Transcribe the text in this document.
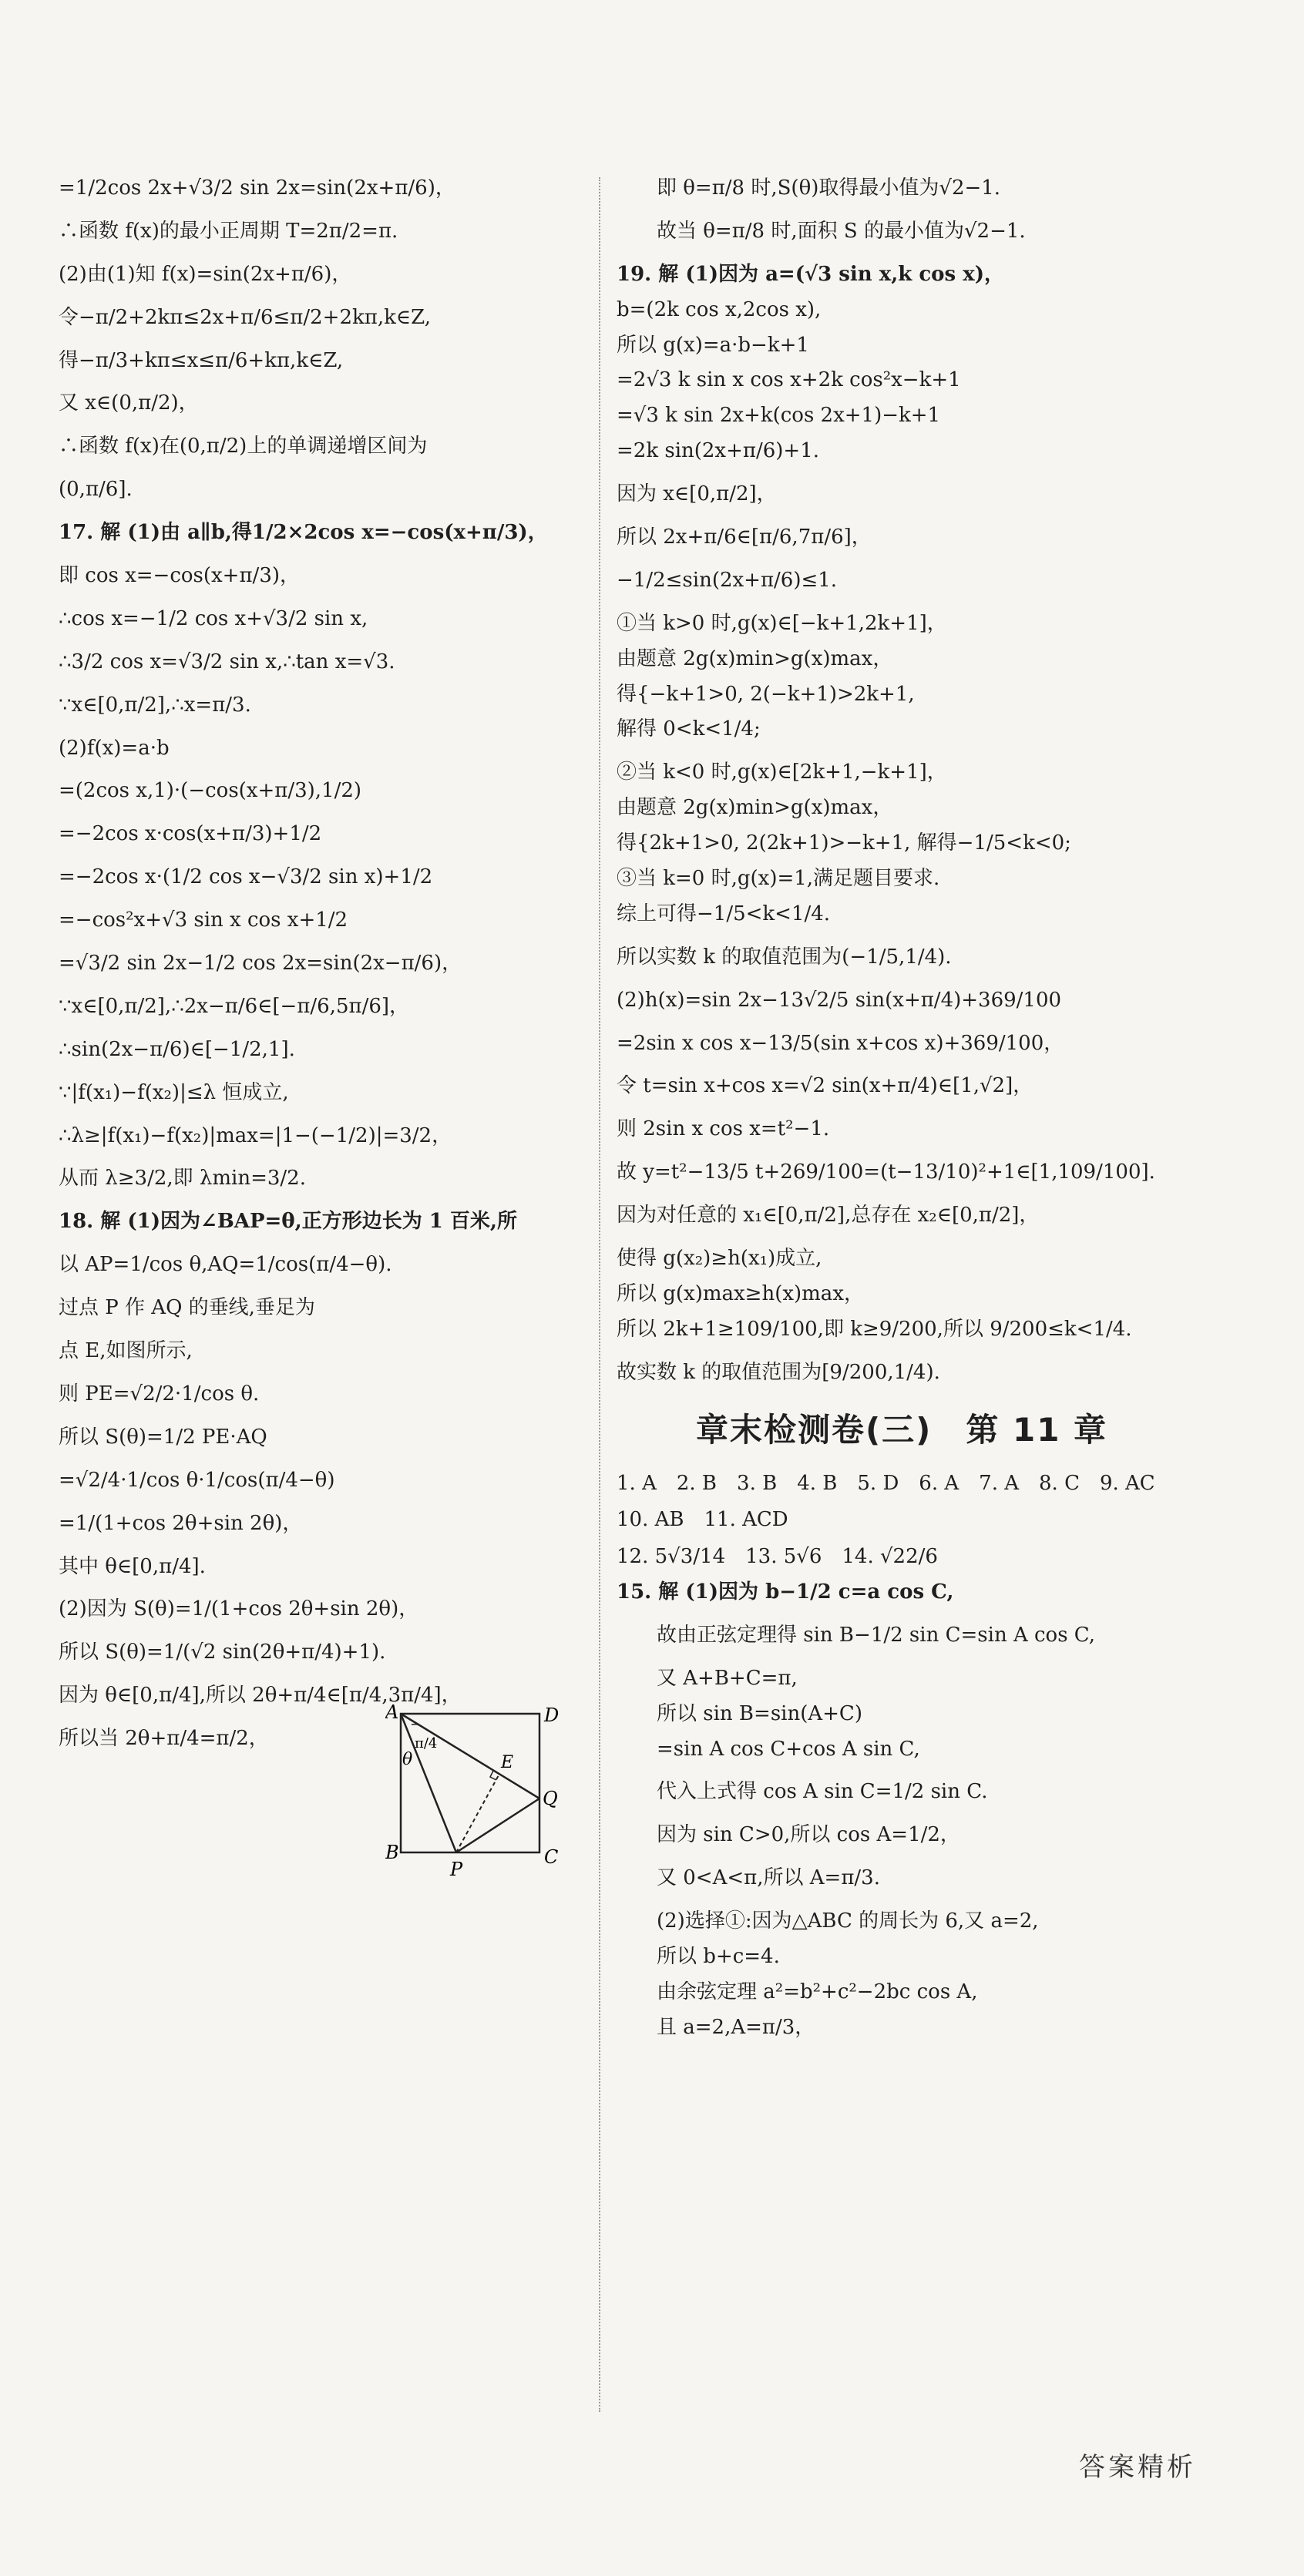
=1/2cos 2x+√3/2 sin 2x=sin(2x+π/6)，
∴函数 f(x)的最小正周期 T=2π/2=π.
(2)由(1)知 f(x)=sin(2x+π/6)，
令−π/2+2kπ≤2x+π/6≤π/2+2kπ,k∈Z,
得−π/3+kπ≤x≤π/6+kπ,k∈Z,
又 x∈(0,π/2)，
∴函数 f(x)在(0,π/2)上的单调递增区间为
(0,π/6].
17. 解 (1)由 a∥b,得1/2×2cos x=−cos(x+π/3)，
即 cos x=−cos(x+π/3)，
∴cos x=−1/2 cos x+√3/2 sin x,
∴3/2 cos x=√3/2 sin x,∴tan x=√3.
∵x∈[0,π/2],∴x=π/3.
(2)f(x)=a·b
=(2cos x,1)·(−cos(x+π/3),1/2)
=−2cos x·cos(x+π/3)+1/2
=−2cos x·(1/2 cos x−√3/2 sin x)+1/2
=−cos²x+√3 sin x cos x+1/2
=√3/2 sin 2x−1/2 cos 2x=sin(2x−π/6)，
∵x∈[0,π/2],∴2x−π/6∈[−π/6,5π/6]，
∴sin(2x−π/6)∈[−1/2,1].
∵|f(x₁)−f(x₂)|≤λ 恒成立,
∴λ≥|f(x₁)−f(x₂)|max=|1−(−1/2)|=3/2，
从而 λ≥3/2,即 λmin=3/2.
18. 解 (1)因为∠BAP=θ,正方形边长为 1 百米,所
以 AP=1/cos θ,AQ=1/cos(π/4−θ).
过点 P 作 AQ 的垂线,垂足为
点 E,如图所示,
则 PE=√2/2·1/cos θ.
所以 S(θ)=1/2 PE·AQ
=√2/4·1/cos θ·1/cos(π/4−θ)
=1/(1+cos 2θ+sin 2θ)，
其中 θ∈[0,π/4].
(2)因为 S(θ)=1/(1+cos 2θ+sin 2θ)，
所以 S(θ)=1/(√2 sin(2θ+π/4)+1).
因为 θ∈[0,π/4],所以 2θ+π/4∈[π/4,3π/4]，
所以当 2θ+π/4=π/2，
A	D
B	C
P
Q
E
θ
π/4
即 θ=π/8 时,S(θ)取得最小值为√2−1.
故当 θ=π/8 时,面积 S 的最小值为√2−1.
19. 解 (1)因为 a=(√3 sin x,k cos x)，
b=(2k cos x,2cos x),
所以 g(x)=a·b−k+1
=2√3 k sin x cos x+2k cos²x−k+1
=√3 k sin 2x+k(cos 2x+1)−k+1
=2k sin(2x+π/6)+1.
因为 x∈[0,π/2]，
所以 2x+π/6∈[π/6,7π/6]，
−1/2≤sin(2x+π/6)≤1.
①当 k>0 时,g(x)∈[−k+1,2k+1]，
由题意 2g(x)min>g(x)max，
得{−k+1>0, 2(−k+1)>2k+1,
解得 0<k<1/4;
②当 k<0 时,g(x)∈[2k+1,−k+1]，
由题意 2g(x)min>g(x)max，
得{2k+1>0, 2(2k+1)>−k+1, 解得−1/5<k<0;
③当 k=0 时,g(x)=1,满足题目要求.
综上可得−1/5<k<1/4.
所以实数 k 的取值范围为(−1/5,1/4).
(2)h(x)=sin 2x−13√2/5 sin(x+π/4)+369/100
=2sin x cos x−13/5(sin x+cos x)+369/100，
令 t=sin x+cos x=√2 sin(x+π/4)∈[1,√2]，
则 2sin x cos x=t²−1.
故 y=t²−13/5 t+269/100=(t−13/10)²+1∈[1,109/100].
因为对任意的 x₁∈[0,π/2],总存在 x₂∈[0,π/2]，
使得 g(x₂)≥h(x₁)成立,
所以 g(x)max≥h(x)max，
所以 2k+1≥109/100,即 k≥9/200,所以 9/200≤k<1/4.
故实数 k 的取值范围为[9/200,1/4).
章末检测卷(三)　第 11 章
1. A　2. B　3. B　4. B　5. D　6. A　7. A　8. C　9. AC
10. AB　11. ACD
12. 5√3/14　13. 5√6　14. √22/6
15. 解 (1)因为 b−1/2 c=a cos C,
故由正弦定理得 sin B−1/2 sin C=sin A cos C,
又 A+B+C=π,
所以 sin B=sin(A+C)
=sin A cos C+cos A sin C,
代入上式得 cos A sin C=1/2 sin C.
因为 sin C>0,所以 cos A=1/2，
又 0<A<π,所以 A=π/3.
(2)选择①:因为△ABC 的周长为 6,又 a=2,
所以 b+c=4.
由余弦定理 a²=b²+c²−2bc cos A,
且 a=2,A=π/3，
答案精析
